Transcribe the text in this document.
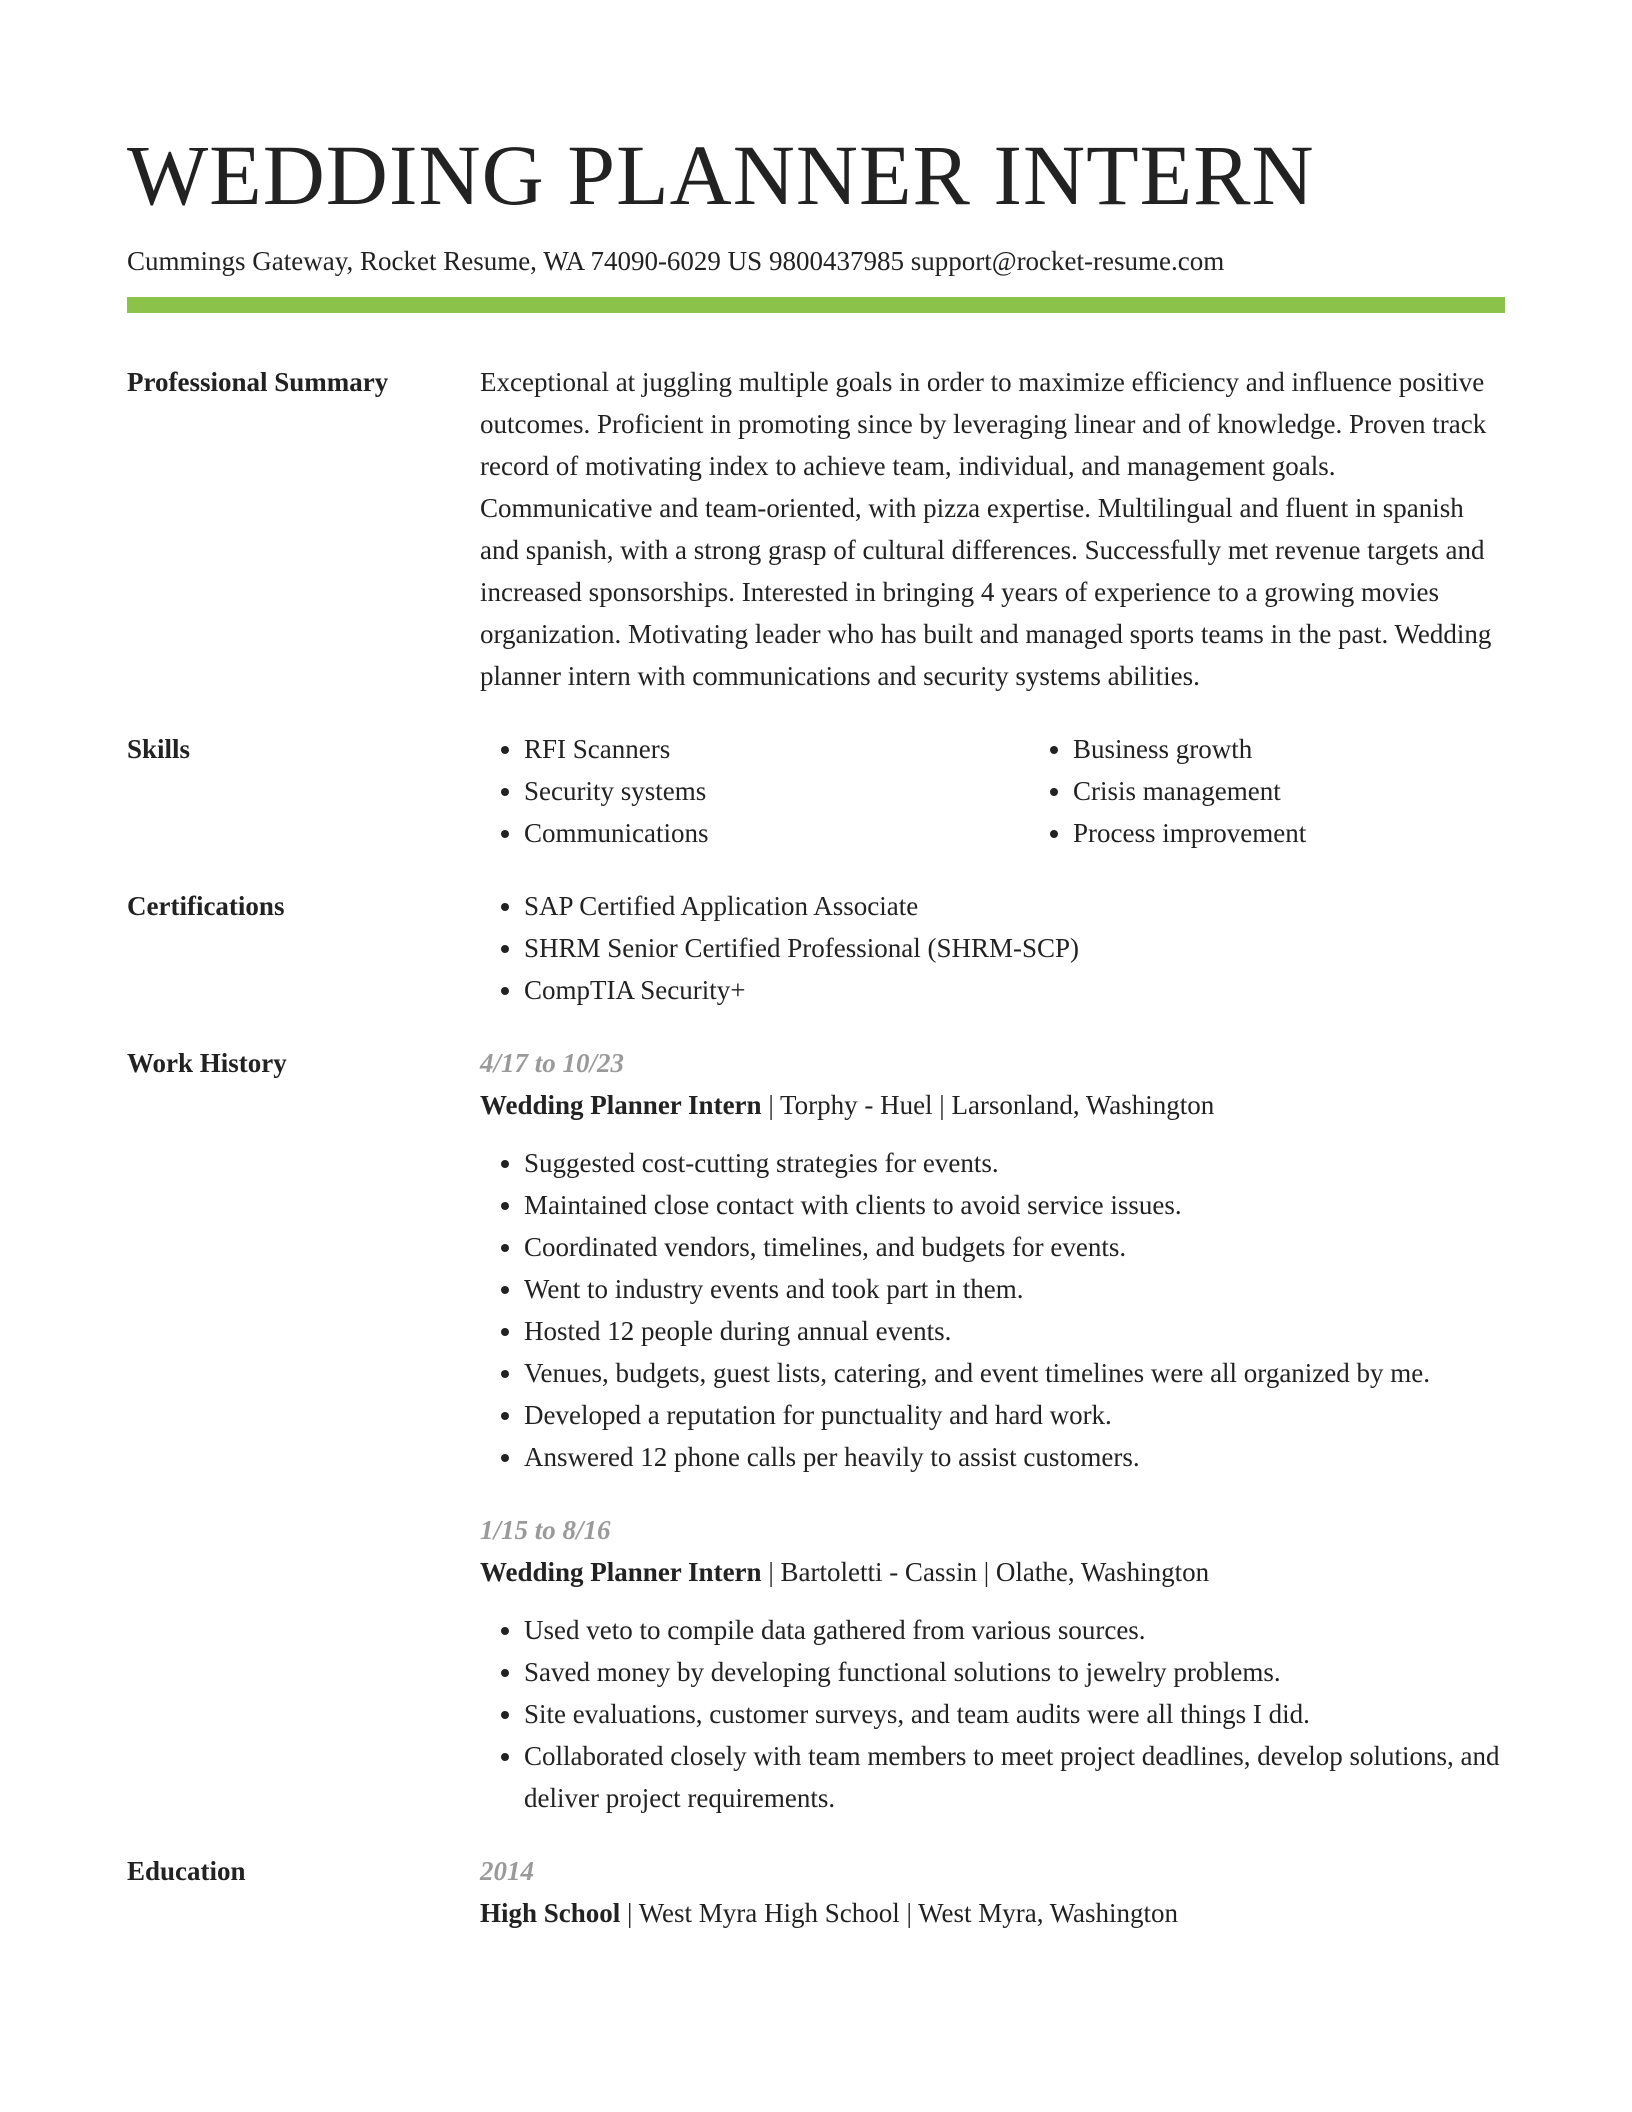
WEDDING PLANNER INTERN
Cummings Gateway, Rocket Resume, WA 74090-6029 US 9800437985 support@rocket-resume.com
Professional Summary	Exceptional at juggling multiple goals in order to maximize efficiency and influence positive outcomes. Proficient in promoting since by leveraging linear and of knowledge. Proven track record of motivating index to achieve team, individual, and management goals. Communicative and team-oriented, with pizza expertise. Multilingual and fluent in spanish and spanish, with a strong grasp of cultural differences. Successfully met revenue targets and increased sponsorships. Interested in bringing 4 years of experience to a growing movies organization. Motivating leader who has built and managed sports teams in the past. Wedding planner intern with communications and security systems abilities.
Skills	• RFI Scanners
• Security systems
• Communications
• Business growth
• Crisis management
• Process improvement
Certifications	• SAP Certified Application Associate
• SHRM Senior Certified Professional (SHRM-SCP)
• CompTIA Security+
Work History	4/17 to 10/23
Wedding Planner Intern | Torphy - Huel | Larsonland, Washington
• Suggested cost-cutting strategies for events.
• Maintained close contact with clients to avoid service issues.
• Coordinated vendors, timelines, and budgets for events.
• Went to industry events and took part in them.
• Hosted 12 people during annual events.
• Venues, budgets, guest lists, catering, and event timelines were all organized by me.
• Developed a reputation for punctuality and hard work.
• Answered 12 phone calls per heavily to assist customers.
1/15 to 8/16
Wedding Planner Intern | Bartoletti - Cassin | Olathe, Washington
• Used veto to compile data gathered from various sources.
• Saved money by developing functional solutions to jewelry problems.
• Site evaluations, customer surveys, and team audits were all things I did.
• Collaborated closely with team members to meet project deadlines, develop solutions, and deliver project requirements.
Education	2014
High School | West Myra High School | West Myra, Washington
